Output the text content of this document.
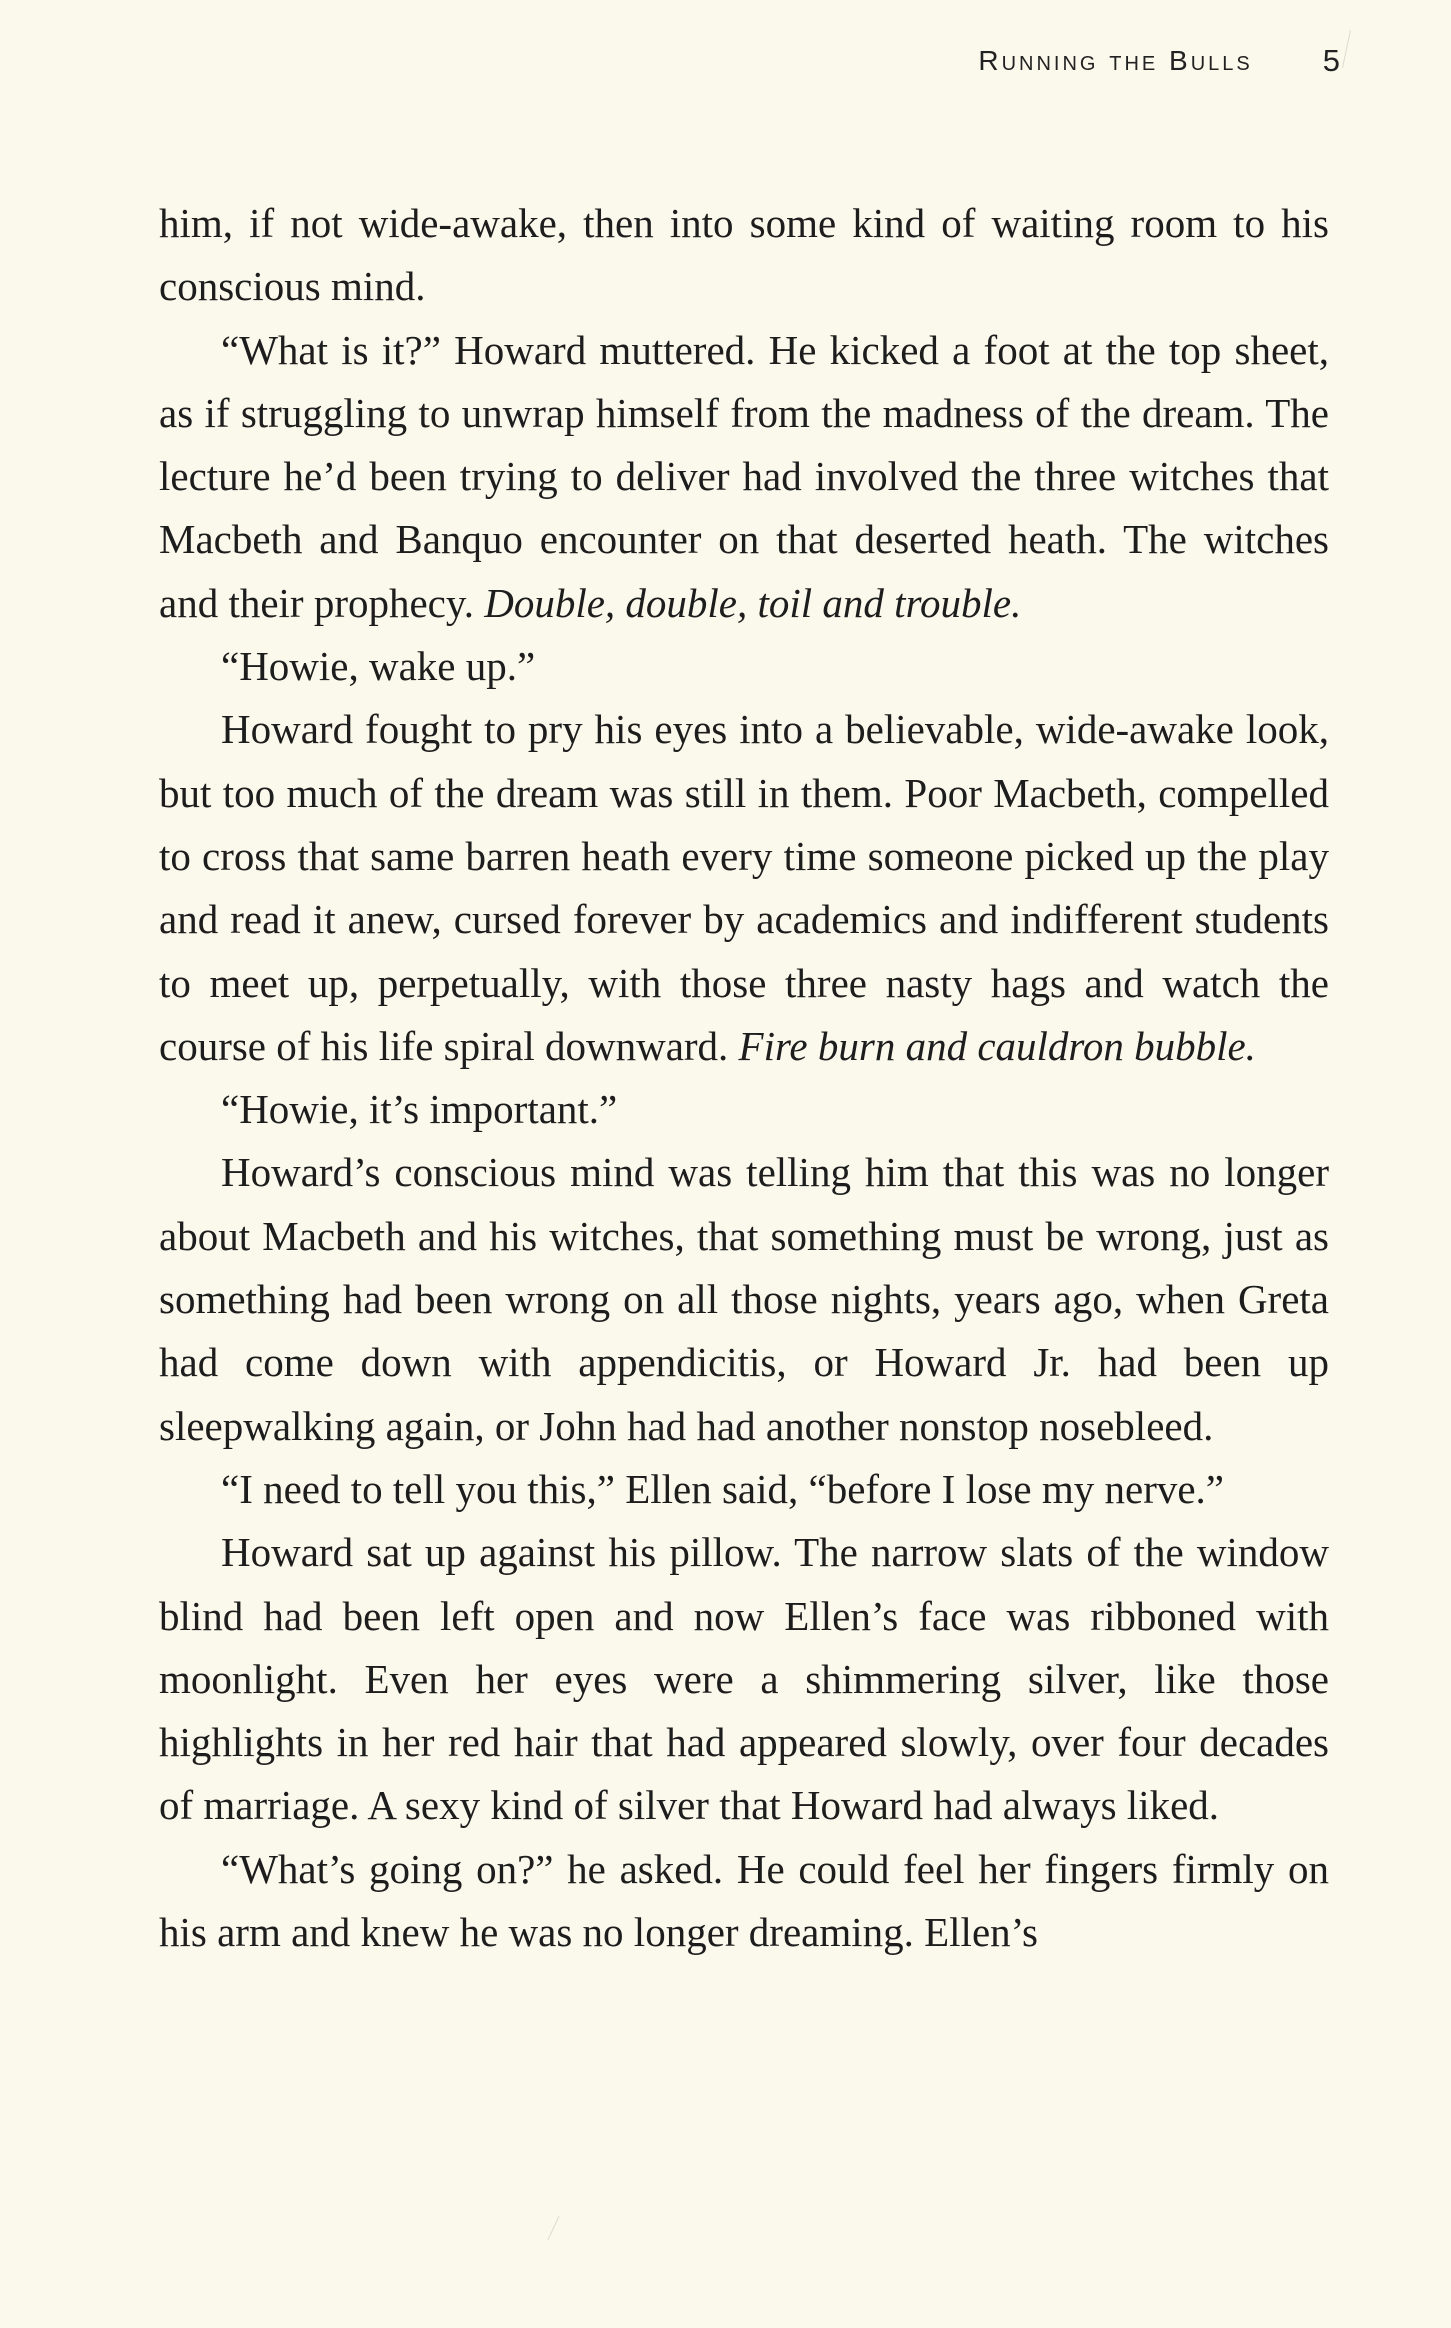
Running the Bulls 5

him, if not wide-awake, then into some kind of waiting room to his conscious mind.

“What is it?” Howard muttered. He kicked a foot at the top sheet, as if struggling to unwrap himself from the madness of the dream. The lecture he’d been trying to deliver had involved the three witches that Macbeth and Banquo encounter on that deserted heath. The witches and their prophecy. Double, double, toil and trouble.

“Howie, wake up.”

Howard fought to pry his eyes into a believable, wide-awake look, but too much of the dream was still in them. Poor Macbeth, compelled to cross that same barren heath every time someone picked up the play and read it anew, cursed forever by academics and indifferent students to meet up, perpetually, with those three nasty hags and watch the course of his life spiral downward. Fire burn and cauldron bubble.

“Howie, it’s important.”

Howard’s conscious mind was telling him that this was no longer about Macbeth and his witches, that something must be wrong, just as something had been wrong on all those nights, years ago, when Greta had come down with appendicitis, or Howard Jr. had been up sleepwalking again, or John had had another nonstop nosebleed.

“I need to tell you this,” Ellen said, “before I lose my nerve.”

Howard sat up against his pillow. The narrow slats of the window blind had been left open and now Ellen’s face was ribboned with moonlight. Even her eyes were a shimmering silver, like those highlights in her red hair that had appeared slowly, over four decades of marriage. A sexy kind of silver that Howard had always liked.

“What’s going on?” he asked. He could feel her fingers firmly on his arm and knew he was no longer dreaming. Ellen’s
